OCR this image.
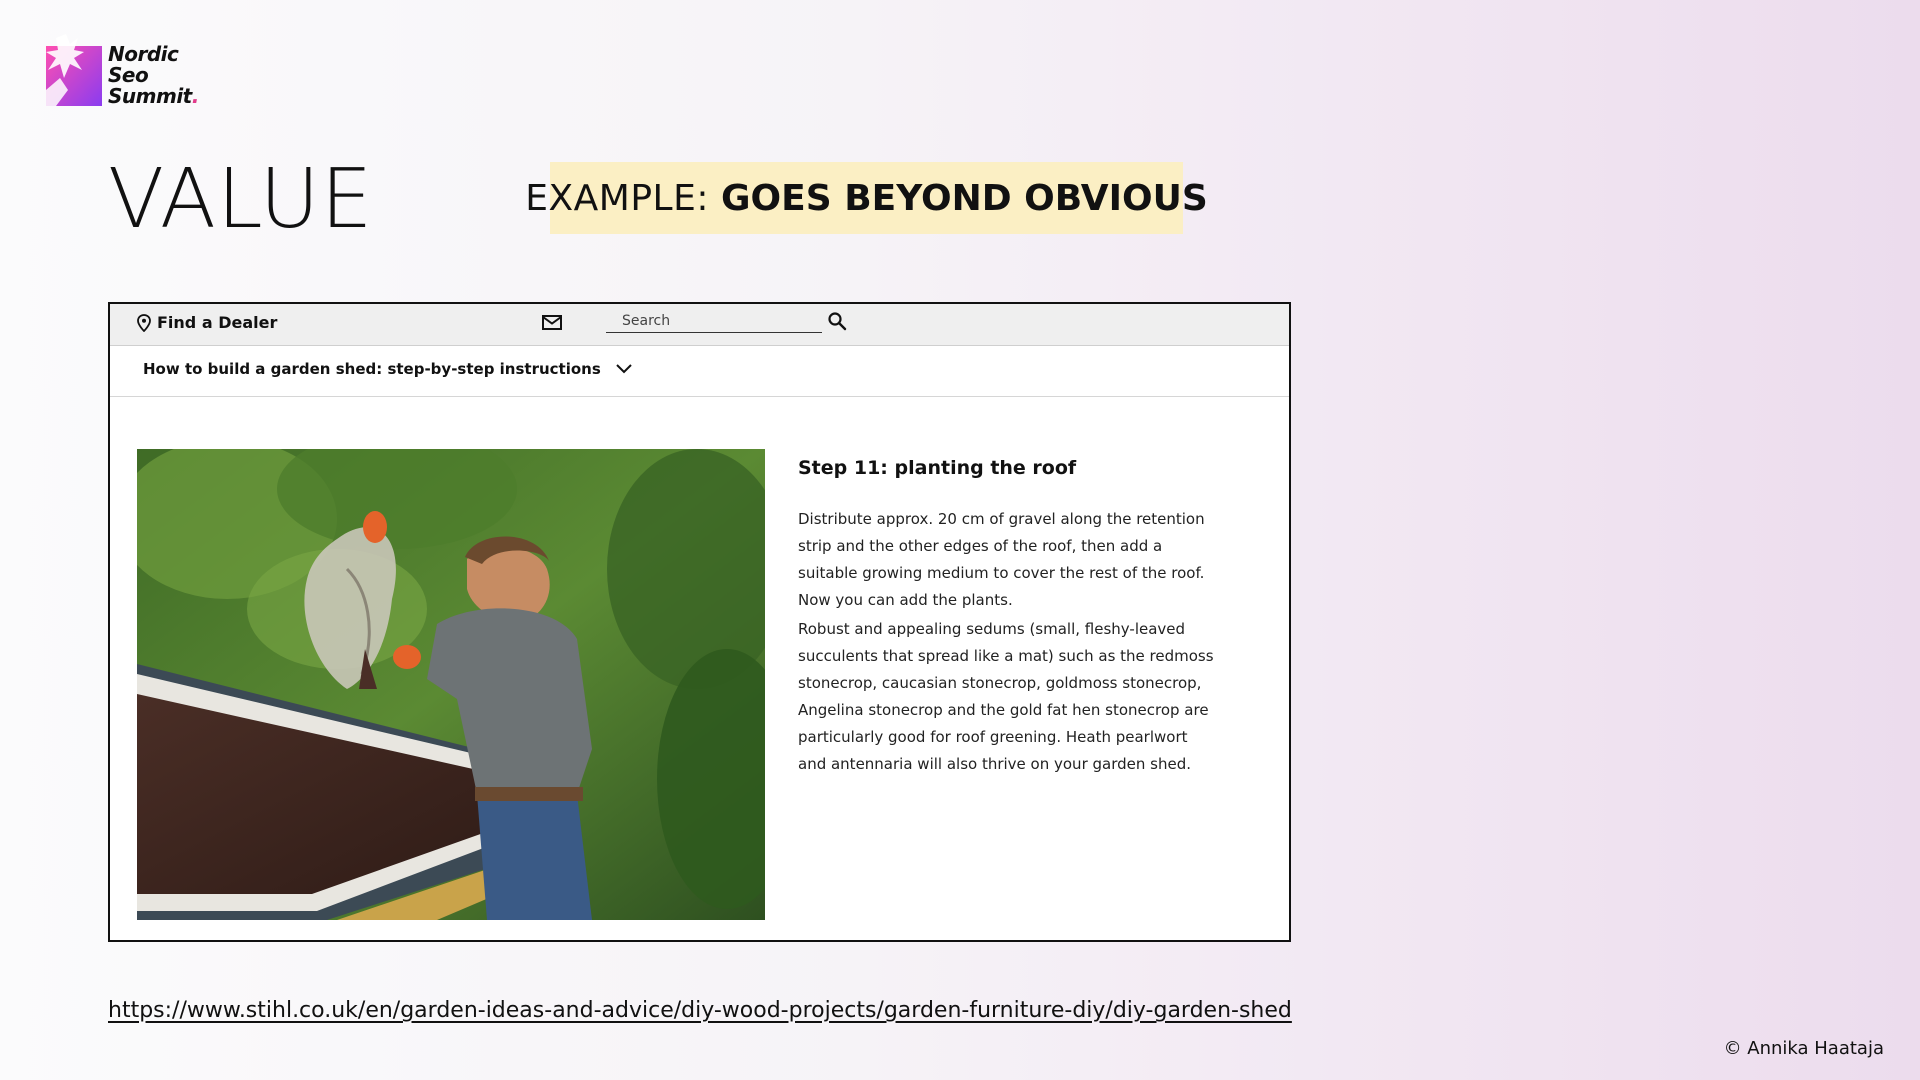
Nordic
Seo
Summit.
VALUE	EXAMPLE: GOES BEYOND OBVIOUS
Find a Dealer
Search
How to build a garden shed: step-by-step instructions
Step 11: planting the roof

Distribute approx. 20 cm of gravel along the retention strip and the other edges of the roof, then add a suitable growing medium to cover the rest of the roof. Now you can add the plants.

Robust and appealing sedums (small, fleshy-leaved succulents that spread like a mat) such as the redmoss stonecrop, caucasian stonecrop, goldmoss stonecrop, Angelina stonecrop and the gold fat hen stonecrop are particularly good for roof greening. Heath pearlwort and antennaria will also thrive on your garden shed.

https://www.stihl.co.uk/en/garden-ideas-and-advice/diy-wood-projects/garden-furniture-diy/diy-garden-shed
© Annika Haataja
